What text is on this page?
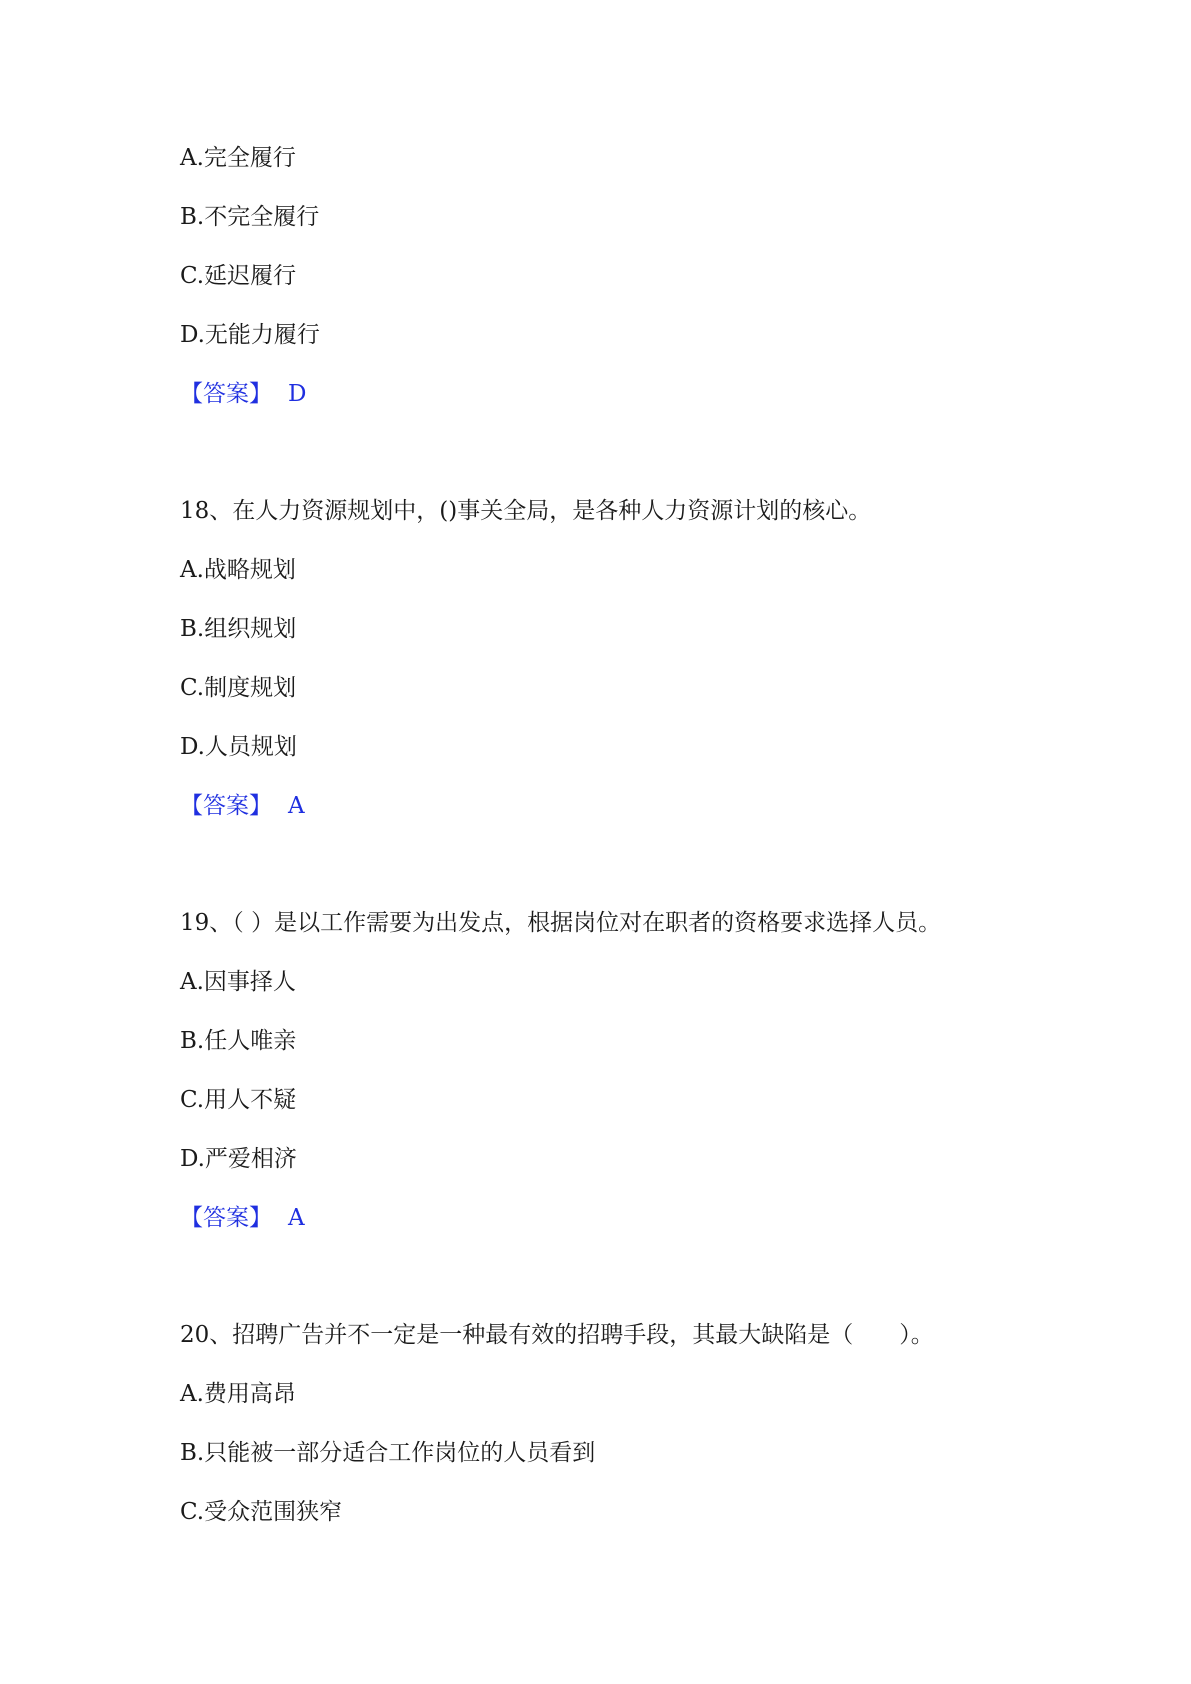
A.完全履行

B.不完全履行

C.延迟履行

D.无能力履行

【答案】 D

18、在人力资源规划中，()事关全局，是各种人力资源计划的核心。

A.战略规划

B.组织规划

C.制度规划

D.人员规划

【答案】 A

19、（ ）是以工作需要为出发点，根据岗位对在职者的资格要求选择人员。

A.因事择人

B.任人唯亲

C.用人不疑

D.严爱相济

【答案】 A

20、招聘广告并不一定是一种最有效的招聘手段，其最大缺陷是（　　）。

A.费用高昂

B.只能被一部分适合工作岗位的人员看到

C.受众范围狭窄
